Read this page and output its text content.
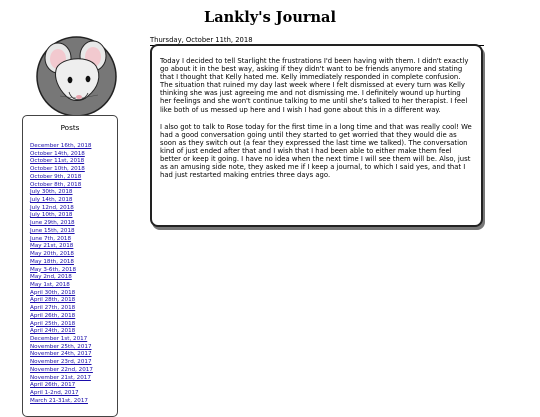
Lankly's Journal
Posts
December 16th, 2018
October 14th, 2018
October 11st, 2018
October 10th, 2018
October 9th, 2018
October 8th, 2018
July 30th, 2018
July 14th, 2018
July 12nd, 2018
July 10th, 2018
June 29th, 2018
June 15th, 2018
June 7th, 2018
May 21st, 2018
May 20th, 2018
May 18th, 2018
May 3-6th, 2018
May 2nd, 2018
May 1st, 2018
April 30th, 2018
April 28th, 2018
April 27th, 2018
April 26th, 2018
April 25th, 2018
April 24th, 2018
December 1st, 2017
November 25th, 2017
November 24th, 2017
November 23rd, 2017
November 22nd, 2017
November 21st, 2017
April 26th, 2017
April 1-2nd, 2017
March 21-31st, 2017
Thursday, October 11th, 2018

Today I decided to tell Starlight the frustrations I'd been having with them. I didn't exactly go about it in the best way, asking if they didn't want to be friends anymore and stating that I thought that Kelly hated me. Kelly immediately responded in complete confusion. The situation that ruined my day last week where I felt dismissed at every turn was Kelly thinking she was just agreeing me and not dismissing me. I definitely wound up hurting her feelings and she won't continue talking to me until she's talked to her therapist. I feel like both of us messed up here and I wish I had gone about this in a different way.

I also got to talk to Rose today for the first time in a long time and that was really cool! We had a good conversation going until they started to get worried that they would die as soon as they switch out (a fear they expressed the last time we talked). The conversation kind of just ended after that and I wish that I had been able to either make them feel better or keep it going. I have no idea when the next time I will see them will be. Also, just as an amusing side note, they asked me if I keep a journal, to which I said yes, and that I had just restarted making entries three days ago.
